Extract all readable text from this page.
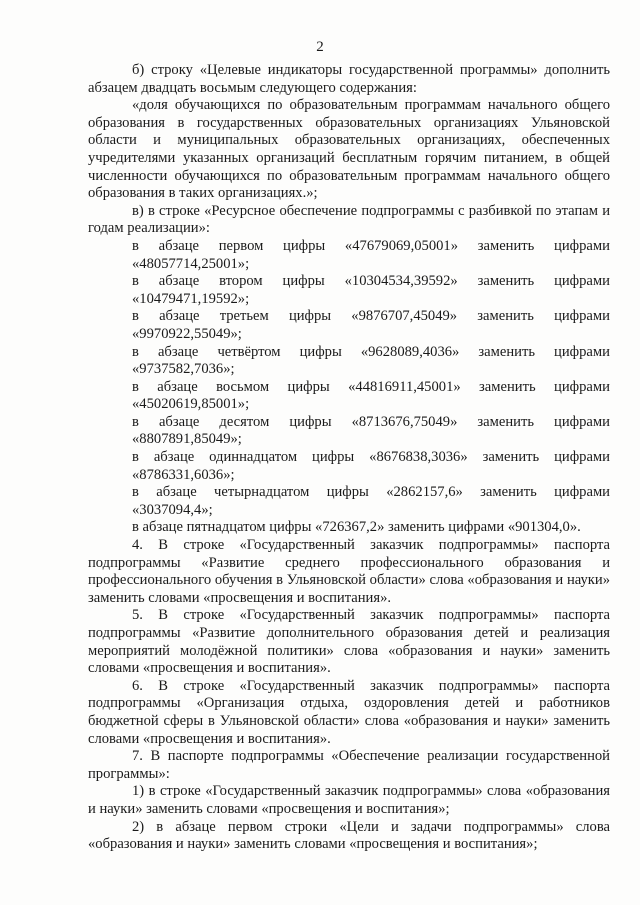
2

б) строку «Целевые индикаторы государственной программы» дополнить абзацем двадцать восьмым следующего содержания:

«доля обучающихся по образовательным программам начального общего образования в государственных образовательных организациях Ульяновской области и муниципальных образовательных организациях, обеспеченных учредителями указанных организаций бесплатным горячим питанием, в общей численности обучающихся по образовательным программам начального общего образования в таких организациях.»;

в) в строке «Ресурсное обеспечение подпрограммы с разбивкой по этапам и годам реализации»:

в абзаце первом цифры «47679069,05001» заменить цифрами

«48057714,25001»;

в абзаце втором цифры «10304534,39592» заменить цифрами

«10479471,19592»;

в абзаце третьем цифры «9876707,45049» заменить цифрами

«9970922,55049»;

в абзаце четвёртом цифры «9628089,4036» заменить цифрами

«9737582,7036»;

в абзаце восьмом цифры «44816911,45001» заменить цифрами

«45020619,85001»;

в абзаце десятом цифры «8713676,75049» заменить цифрами

«8807891,85049»;

в абзаце одиннадцатом цифры «8676838,3036» заменить цифрами

«8786331,6036»;

в абзаце четырнадцатом цифры «2862157,6» заменить цифрами

«3037094,4»;

в абзаце пятнадцатом цифры «726367,2» заменить цифрами «901304,0».

4. В строке «Государственный заказчик подпрограммы» паспорта подпрограммы «Развитие среднего профессионального образования и профессионального обучения в Ульяновской области» слова «образования и науки» заменить словами «просвещения и воспитания».

5. В строке «Государственный заказчик подпрограммы» паспорта подпрограммы «Развитие дополнительного образования детей и реализация мероприятий молодёжной политики» слова «образования и науки» заменить словами «просвещения и воспитания».

6. В строке «Государственный заказчик подпрограммы» паспорта подпрограммы «Организация отдыха, оздоровления детей и работников бюджетной сферы в Ульяновской области» слова «образования и науки» заменить словами «просвещения и воспитания».

7. В паспорте подпрограммы «Обеспечение реализации государственной программы»:

1) в строке «Государственный заказчик подпрограммы» слова «образования и науки» заменить словами «просвещения и воспитания»;

2) в абзаце первом строки «Цели и задачи подпрограммы» слова «образования и науки» заменить словами «просвещения и воспитания»;
